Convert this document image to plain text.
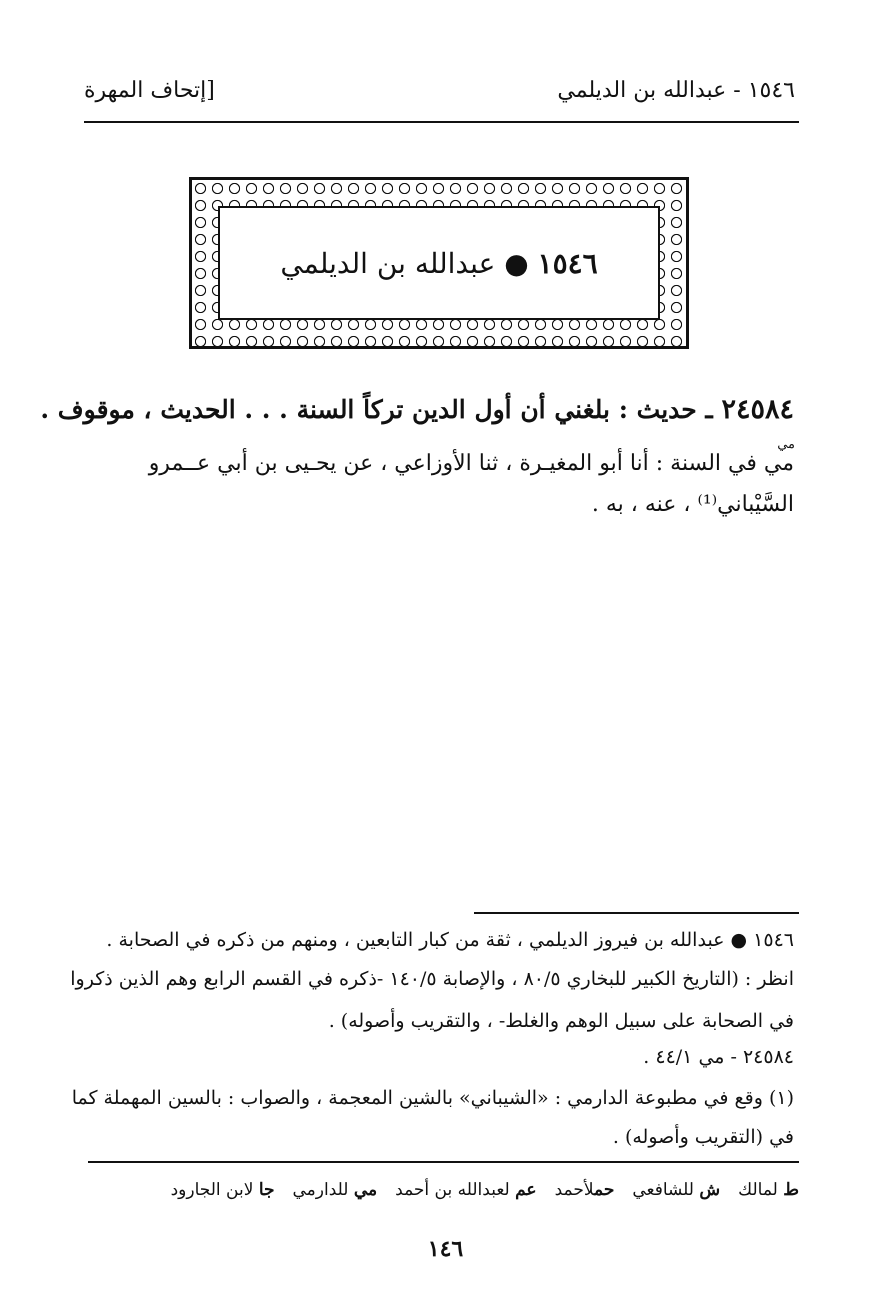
١٥٤٦ - عبدالله بن الديلمي
[إتحاف المهرة
١٥٤٦ ● عبدالله بن الديلمي
٢٤٥٨٤ ـ حديث : بلغني أن أول الدين تركاً السنة . . . الحديث ، موقوف .
مي
مي في السنة : أنا أبو المغيـرة ، ثنا الأوزاعي ، عن يحـيى بن أبي عــمرو
السَّيْباني⁽¹⁾ ، عنه ، به .
١٥٤٦ ● عبدالله بن فيروز الديلمي ، ثقة من كبار التابعين ، ومنهم من ذكره في الصحابة .
انظر : (التاريخ الكبير للبخاري ٨٠/٥ ، والإصابة ١٤٠/٥ -ذكره في القسم الرابع وهم الذين ذكروا
في الصحابة على سبيل الوهم والغلط- ، والتقريب وأصوله) .
٢٤٥٨٤ - مي ٤٤/١ .
(١) وقع في مطبوعة الدارمي : «الشيباني» بالشين المعجمة ، والصواب : بالسين المهملة كما
في (التقريب وأصوله) .
ط لمالك
ش للشافعي
حملأحمد
عم لعبدالله بن أحمد
مي للدارمي
جا لابن الجارود
١٤٦
